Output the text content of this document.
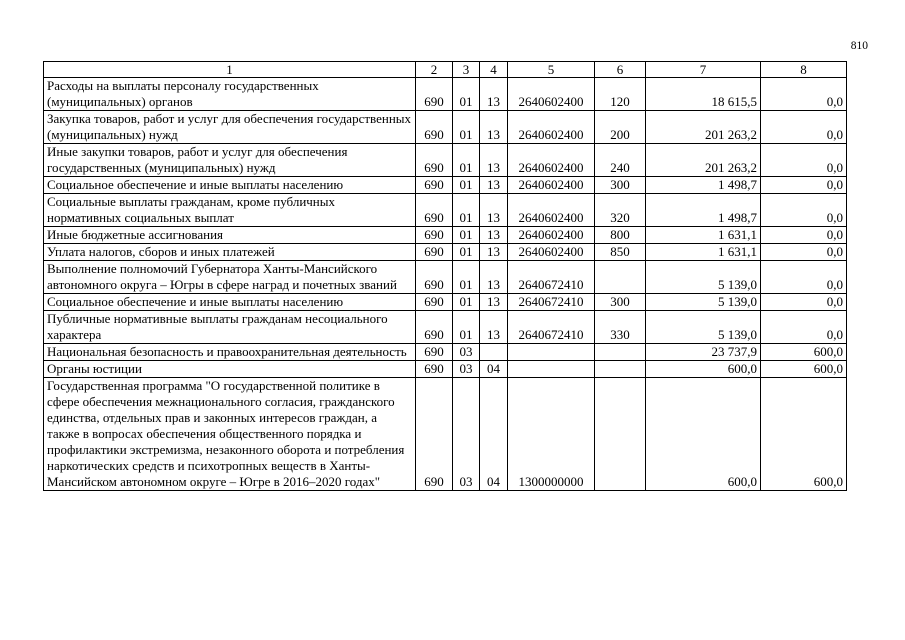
810
1	2	3	4	5	6	7	8
Расходы на выплаты персоналу государственных (муниципальных) органов	690	01	13	2640602400	120	18 615,5	0,0
Закупка товаров, работ и услуг для обеспечения государственных (муниципальных) нужд	690	01	13	2640602400	200	201 263,2	0,0
Иные закупки товаров, работ и услуг для обеспечения государственных (муниципальных) нужд	690	01	13	2640602400	240	201 263,2	0,0
Социальное обеспечение и иные выплаты населению	690	01	13	2640602400	300	1 498,7	0,0
Социальные выплаты гражданам, кроме публичных нормативных социальных выплат	690	01	13	2640602400	320	1 498,7	0,0
Иные бюджетные ассигнования	690	01	13	2640602400	800	1 631,1	0,0
Уплата налогов, сборов и иных платежей	690	01	13	2640602400	850	1 631,1	0,0
Выполнение полномочий Губернатора Ханты-Мансийского автономного округа – Югры в сфере наград и почетных званий	690	01	13	2640672410		5 139,0	0,0
Социальное обеспечение и иные выплаты населению	690	01	13	2640672410	300	5 139,0	0,0
Публичные нормативные выплаты гражданам несоциального характера	690	01	13	2640672410	330	5 139,0	0,0
Национальная безопасность и правоохранительная деятельность	690	03				23 737,9	600,0
Органы юстиции	690	03	04			600,0	600,0
Государственная программа "О государственной политике в сфере обеспечения межнационального согласия, гражданского единства, отдельных прав и законных интересов граждан, а также в вопросах обеспечения общественного порядка и профилактики экстремизма, незаконного оборота и потребления наркотических средств и психотропных веществ в Ханты-Мансийском автономном округе – Югре в 2016–2020 годах"	690	03	04	1300000000		600,0	600,0
